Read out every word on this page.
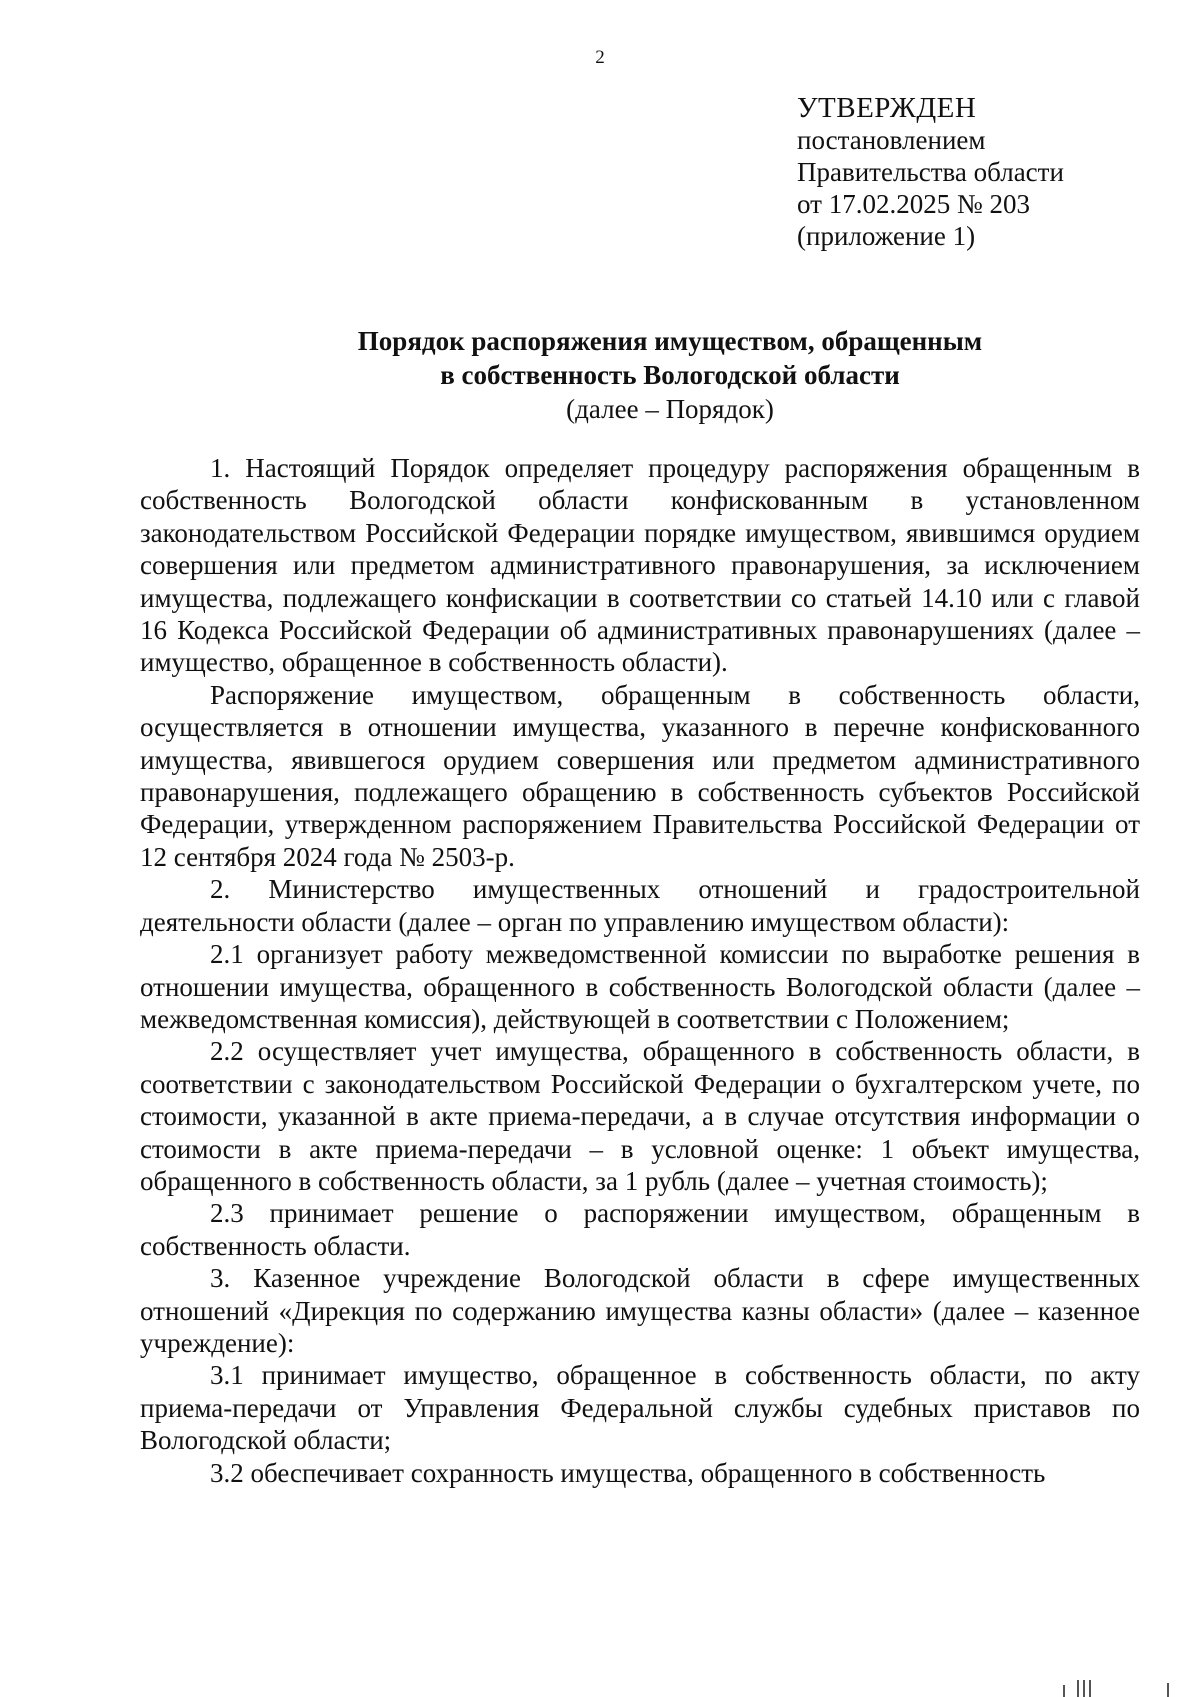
2
УТВЕРЖДЕН
постановлением
Правительства области
от 17.02.2025 № 203
(приложение 1)
Порядок распоряжения имуществом, обращенным
в собственность Вологодской области
(далее – Порядок)

1. Настоящий Порядок определяет процедуру распоряжения обращенным в собственность Вологодской области конфискованным в установленном законодательством Российской Федерации порядке имуществом, явившимся орудием совершения или предметом административного правонарушения, за исключением имущества, подлежащего конфискации в соответствии со статьей 14.10 или с главой 16 Кодекса Российской Федерации об административных правонарушениях (далее – имущество, обращенное в собственность области).

Распоряжение имуществом, обращенным в собственность области, осуществляется в отношении имущества, указанного в перечне конфискованного имущества, явившегося орудием совершения или предметом административного правонарушения, подлежащего обращению в собственность субъектов Российской Федерации, утвержденном распоряжением Правительства Российской Федерации от 12 сентября 2024 года № 2503-р.

2. Министерство имущественных отношений и градостроительной деятельности области (далее – орган по управлению имуществом области):

2.1 организует работу межведомственной комиссии по выработке решения в отношении имущества, обращенного в собственность Вологодской области (далее – межведомственная комиссия), действующей в соответствии с Положением;

2.2 осуществляет учет имущества, обращенного в собственность области, в соответствии с законодательством Российской Федерации о бухгалтерском учете, по стоимости, указанной в акте приема-передачи, а в случае отсутствия информации о стоимости в акте приема-передачи – в условной оценке: 1 объект имущества, обращенного в собственность области, за 1 рубль (далее – учетная стоимость);

2.3 принимает решение о распоряжении имуществом, обращенным в собственность области.

3. Казенное учреждение Вологодской области в сфере имущественных отношений «Дирекция по содержанию имущества казны области» (далее – казенное учреждение):

3.1 принимает имущество, обращенное в собственность области, по акту приема-передачи от Управления Федеральной службы судебных приставов по Вологодской области;

3.2 обеспечивает сохранность имущества, обращенного в собственность
